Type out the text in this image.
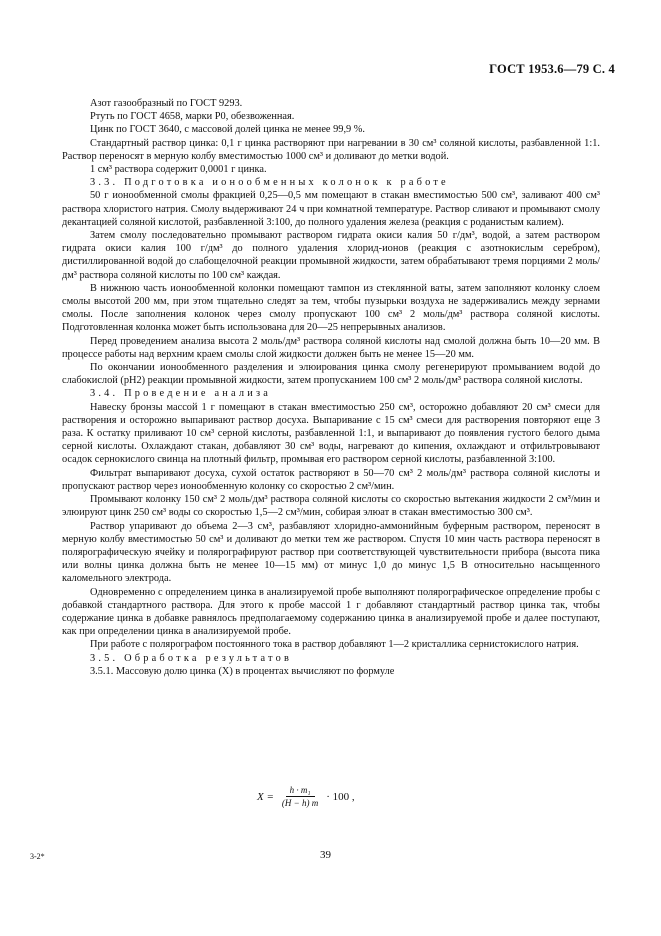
ГОСТ 1953.6—79 С. 4

Азот газообразный по ГОСТ 9293.

Ртуть по ГОСТ 4658, марки Р0, обезвоженная.

Цинк по ГОСТ 3640, с массовой долей цинка не менее 99,9 %.

Стандартный раствор цинка: 0,1 г цинка растворяют при нагревании в 30 см³ соляной кислоты, разбавленной 1:1. Раствор переносят в мерную колбу вместимостью 1000 см³ и доливают до метки водой.

1 см³ раствора содержит 0,0001 г цинка.

3.3. Подготовка ионообменных колонок к работе

50 г ионообменной смолы фракцией 0,25—0,5 мм помещают в стакан вместимостью 500 см³, заливают 400 см³ раствора хлористого натрия. Смолу выдерживают 24 ч при комнатной температуре. Раствор сливают и промывают смолу декантацией соляной кислотой, разбавленной 3:100, до полного удаления железа (реакция с роданистым калием).

Затем смолу последовательно промывают раствором гидрата окиси калия 50 г/дм³, водой, а затем раствором гидрата окиси калия 100 г/дм³ до полного удаления хлорид-ионов (реакция с азотнокислым серебром), дистиллированной водой до слабощелочной реакции промывной жидкости, затем обрабатывают тремя порциями 2 моль/дм³ раствора соляной кислоты по 100 см³ каждая.

В нижнюю часть ионообменной колонки помещают тампон из стеклянной ваты, затем заполняют колонку слоем смолы высотой 200 мм, при этом тщательно следят за тем, чтобы пузырьки воздуха не задерживались между зернами смолы. После заполнения колонок через смолу пропускают 100 см³ 2 моль/дм³ раствора соляной кислоты. Подготовленная колонка может быть использована для 20—25 непрерывных анализов.

Перед проведением анализа высота 2 моль/дм³ раствора соляной кислоты над смолой должна быть 10—20 мм. В процессе работы над верхним краем смолы слой жидкости должен быть не менее 15—20 мм.

По окончании ионообменного разделения и элюирования цинка смолу регенерируют промыванием водой до слабокислой (pH2) реакции промывной жидкости, затем пропусканием 100 см³ 2 моль/дм³ раствора соляной кислоты.

3.4. Проведение анализа

Навеску бронзы массой 1 г помещают в стакан вместимостью 250 см³, осторожно добавляют 20 см³ смеси для растворения и осторожно выпаривают раствор досуха. Выпаривание с 15 см³ смеси для растворения повторяют еще 3 раза. К остатку приливают 10 см³ серной кислоты, разбавленной 1:1, и выпаривают до появления густого белого дыма серной кислоты. Охлаждают стакан, добавляют 30 см³ воды, нагревают до кипения, охлаждают и отфильтровывают осадок сернокислого свинца на плотный фильтр, промывая его раствором серной кислоты, разбавленной 3:100.

Фильтрат выпаривают досуха, сухой остаток растворяют в 50—70 см³ 2 моль/дм³ раствора соляной кислоты и пропускают раствор через ионообменную колонку со скоростью 2 см³/мин.

Промывают колонку 150 см³ 2 моль/дм³ раствора соляной кислоты со скоростью вытекания жидкости 2 см³/мин и элюируют цинк 250 см³ воды со скоростью 1,5—2 см³/мин, собирая элюат в стакан вместимостью 300 см³.

Раствор упаривают до объема 2—3 см³, разбавляют хлоридно-аммонийным буферным раствором, переносят в мерную колбу вместимостью 50 см³ и доливают до метки тем же раствором. Спустя 10 мин часть раствора переносят в полярографическую ячейку и полярографируют раствор при соответствующей чувствительности прибора (высота пика или волны цинка должна быть не менее 10—15 мм) от минус 1,0 до минус 1,5 В относительно насыщенного каломельного электрода.

Одновременно с определением цинка в анализируемой пробе выполняют полярографическое определение пробы с добавкой стандартного раствора. Для этого к пробе массой 1 г добавляют стандартный раствор цинка так, чтобы содержание цинка в добавке равнялось предполагаемому содержанию цинка в анализируемой пробе и далее поступают, как при определении цинка в анализируемой пробе.

При работе с полярографом постоянного тока в раствор добавляют 1—2 кристаллика сернистокислого натрия.

3.5. Обработка результатов

3.5.1. Массовую долю цинка (X) в процентах вычисляют по формуле

$X = \frac{\text{h · m₁}}{(H - h) m} \cdot 100$ ,
3-2*	39
